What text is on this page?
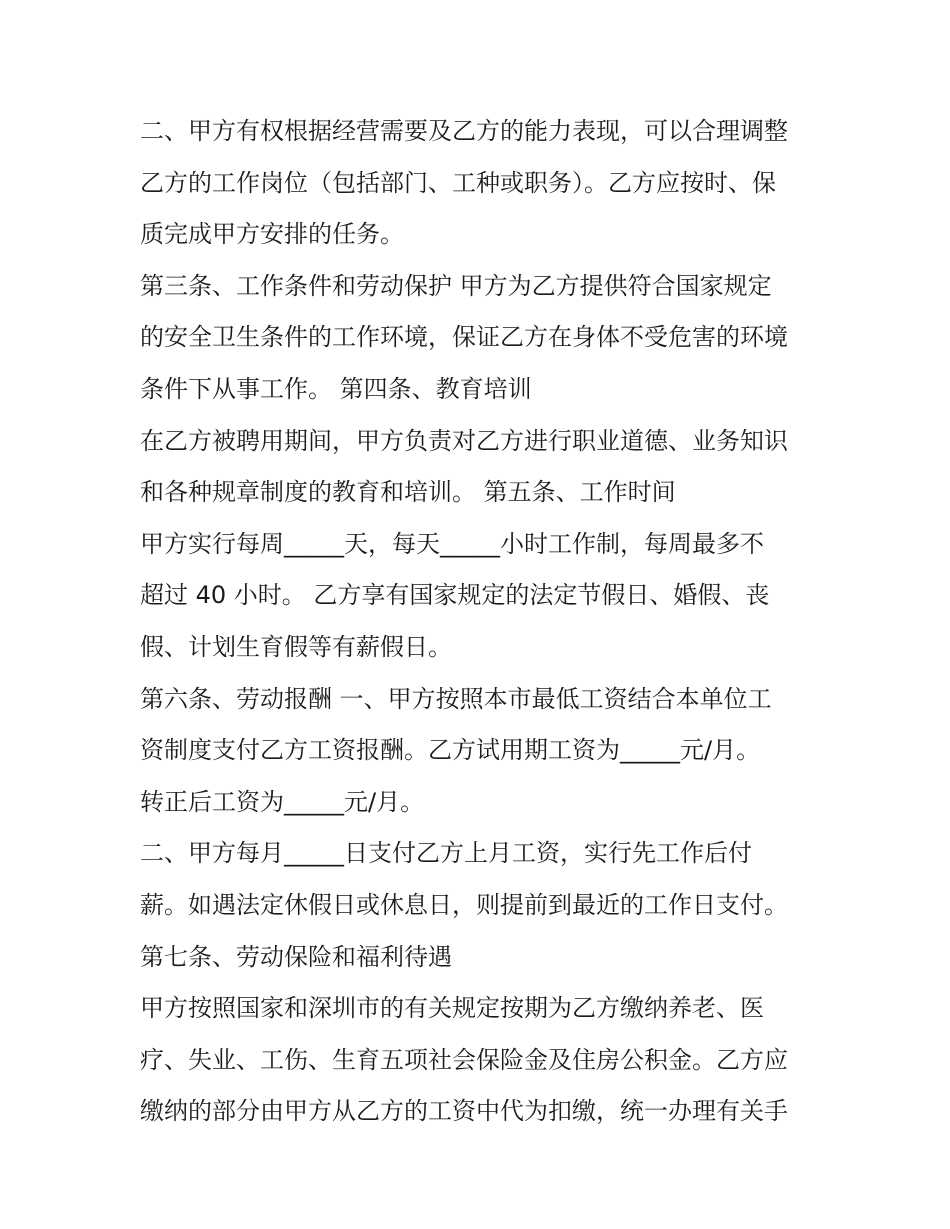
二、甲方有权根据经营需要及乙方的能力表现，可以合理调整
乙方的工作岗位（包括部门、工种或职务）。乙方应按时、保
质完成甲方安排的任务。
第三条、工作条件和劳动保护 甲方为乙方提供符合国家规定
的安全卫生条件的工作环境，保证乙方在身体不受危害的环境
条件下从事工作。 第四条、教育培训
在乙方被聘用期间，甲方负责对乙方进行职业道德、业务知识
和各种规章制度的教育和培训。 第五条、工作时间
甲方实行每周_____天，每天_____小时工作制，每周最多不
超过 40 小时。 乙方享有国家规定的法定节假日、婚假、丧
假、计划生育假等有薪假日。
第六条、劳动报酬 一、甲方按照本市最低工资结合本单位工
资制度支付乙方工资报酬。乙方试用期工资为_____元/月。
转正后工资为_____元/月。
二、甲方每月_____日支付乙方上月工资，实行先工作后付
薪。如遇法定休假日或休息日，则提前到最近的工作日支付。
第七条、劳动保险和福利待遇
甲方按照国家和深圳市的有关规定按期为乙方缴纳养老、医
疗、失业、工伤、生育五项社会保险金及住房公积金。乙方应
缴纳的部分由甲方从乙方的工资中代为扣缴，统一办理有关手
